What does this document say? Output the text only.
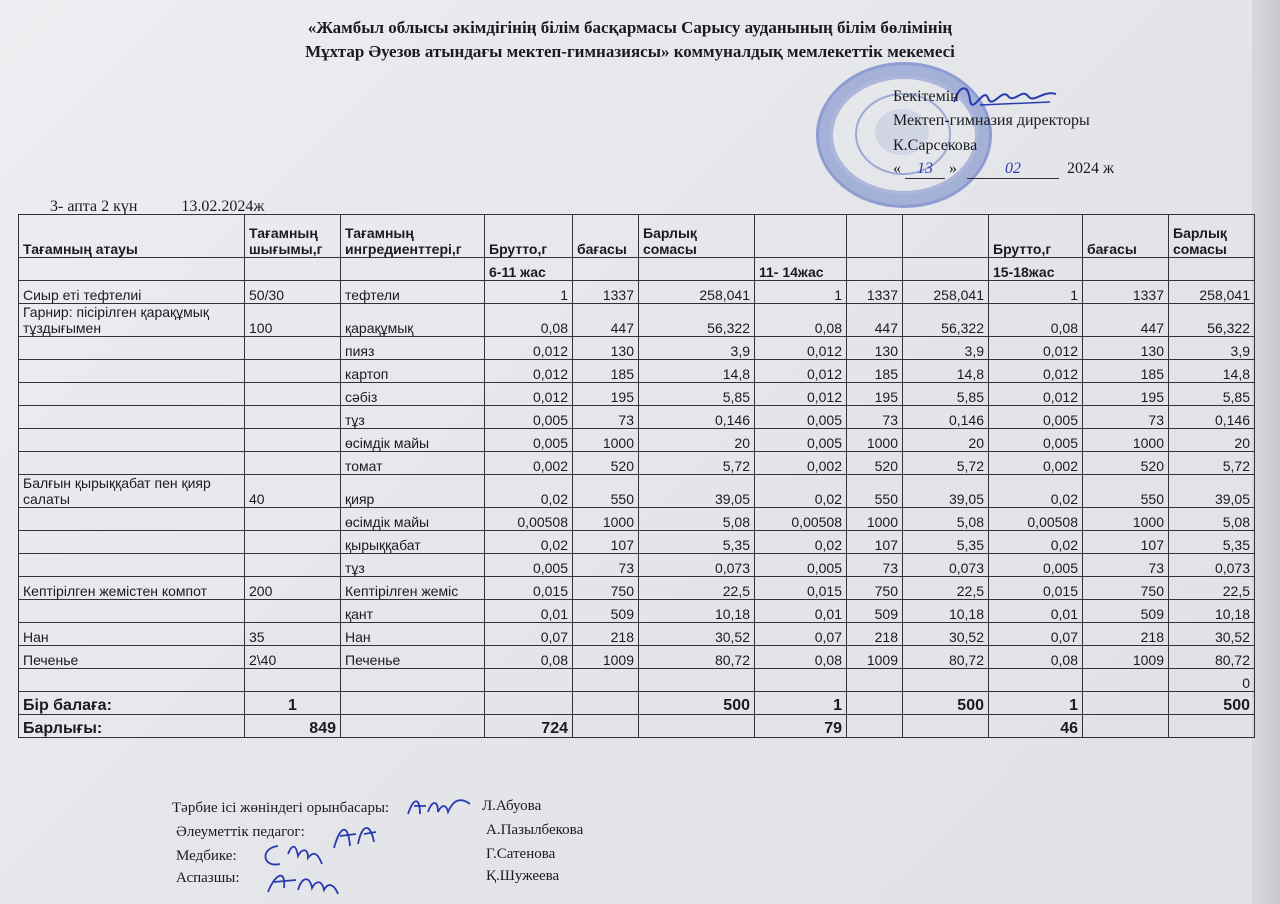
«Жамбыл облысы әкімдігінің білім басқармасы Сарысу ауданының білім бөлімінің
Мұхтар Әуезов атындағы мектеп-гимназиясы» коммуналдық мемлекеттік мекемесі
Бекітемін
Мектеп-гимназия директоры
К.Сарсекова
« 13 »	02	2024 ж
3- апта 2 күн	13.02.2024ж
Тағамның атауы	Тағамның шығымы,г	Тағамның ингредиенттері,г	Брутто,г	бағасы	Барлық сомасы				Брутто,г	бағасы	Барлық сомасы
			6-11 жас			11- 14жас			15-18жас		
Сиыр еті тефтелиі	50/30	тефтели	1	1337	258,041	1	1337	258,041	1	1337	258,041
Гарнир: пісірілген қарақұмық тұздығымен	100	қарақұмық	0,08	447	56,322	0,08	447	56,322	0,08	447	56,322
		пияз	0,012	130	3,9	0,012	130	3,9	0,012	130	3,9
		картоп	0,012	185	14,8	0,012	185	14,8	0,012	185	14,8
		сәбіз	0,012	195	5,85	0,012	195	5,85	0,012	195	5,85
		тұз	0,005	73	0,146	0,005	73	0,146	0,005	73	0,146
		өсімдік майы	0,005	1000	20	0,005	1000	20	0,005	1000	20
		томат	0,002	520	5,72	0,002	520	5,72	0,002	520	5,72
Балғын қырыққабат пен қияр салаты	40	қияр	0,02	550	39,05	0,02	550	39,05	0,02	550	39,05
		өсімдік майы	0,00508	1000	5,08	0,00508	1000	5,08	0,00508	1000	5,08
		қырыққабат	0,02	107	5,35	0,02	107	5,35	0,02	107	5,35
		тұз	0,005	73	0,073	0,005	73	0,073	0,005	73	0,073
Кептірілген жемістен компот	200	Кептірілген жеміс	0,015	750	22,5	0,015	750	22,5	0,015	750	22,5
		қант	0,01	509	10,18	0,01	509	10,18	0,01	509	10,18
Нан	35	Нан	0,07	218	30,52	0,07	218	30,52	0,07	218	30,52
Печенье	2\40	Печенье	0,08	1009	80,72	0,08	1009	80,72	0,08	1009	80,72
											0
Бір балаға:	1				500	1		500	1		500
Барлығы:	849		724			79			46		
Тәрбие ісі жөніндегі орынбасары:	Л.Абуова
Әлеуметтік педагог:	А.Пазылбекова
Медбике:	Г.Сатенова
Аспазшы:	Қ.Шужеева
